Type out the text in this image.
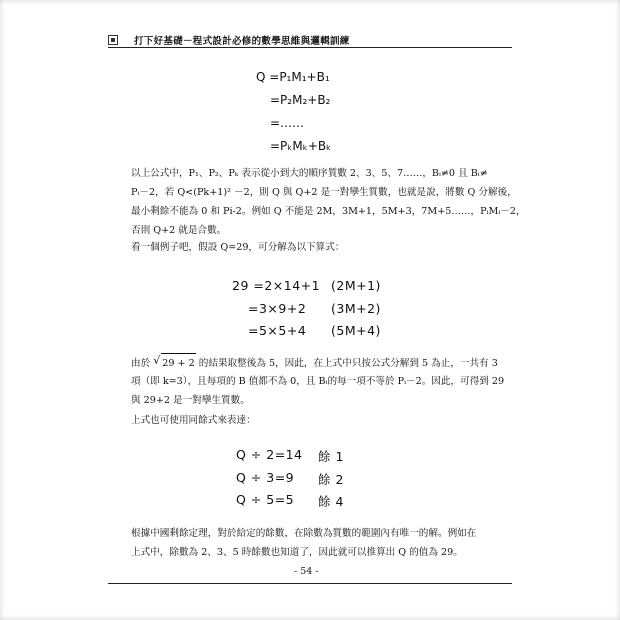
打下好基礎－程式設計必修的數學思維與邏輯訓練
Q =P₁M₁+B₁
=P₂M₂+B₂
=……
=PₖMₖ+Bₖ
以上公式中，P₁、P₂、Pₖ 表示從小到大的順序質數 2、3、5、7……，Bᵢ≠0 且 Bᵢ≠
Pᵢ－2，若 Q<(Pk+1)² －2，則 Q 與 Q+2 是一對孿生質數，也就是說，將數 Q 分解後，
最小剩餘不能為 0 和 Pi-2。例如 Q 不能是 2M，3M+1，5M+3，7M+5……，PᵢMᵢ－2，
否則 Q+2 就是合數。
看一個例子吧，假設 Q=29，可分解為以下算式：
29 =2×14+1 (2M+1)
=3×9+2 (3M+2)
=5×5+4 (5M+4)
由於 √ 29 + 2 的結果取整後為 5，因此，在上式中只按公式分解到 5 為止，一共有 3
項（即 k=3），且每項的 B 值都不為 0，且 Bᵢ的每一項不等於 Pᵢ－2。因此，可得到 29
與 29+2 是一對孿生質數。
上式也可使用同餘式來表達：
Q ÷ 2=14 餘 1
Q ÷ 3=9 餘 2
Q ÷ 5=5 餘 4
根據中國剩餘定理，對於給定的餘數，在除數為質數的範圍內有唯一的解。例如在
上式中，除數為 2、3、5 時餘數也知道了，因此就可以推算出 Q 的值為 29。
- 54 -
